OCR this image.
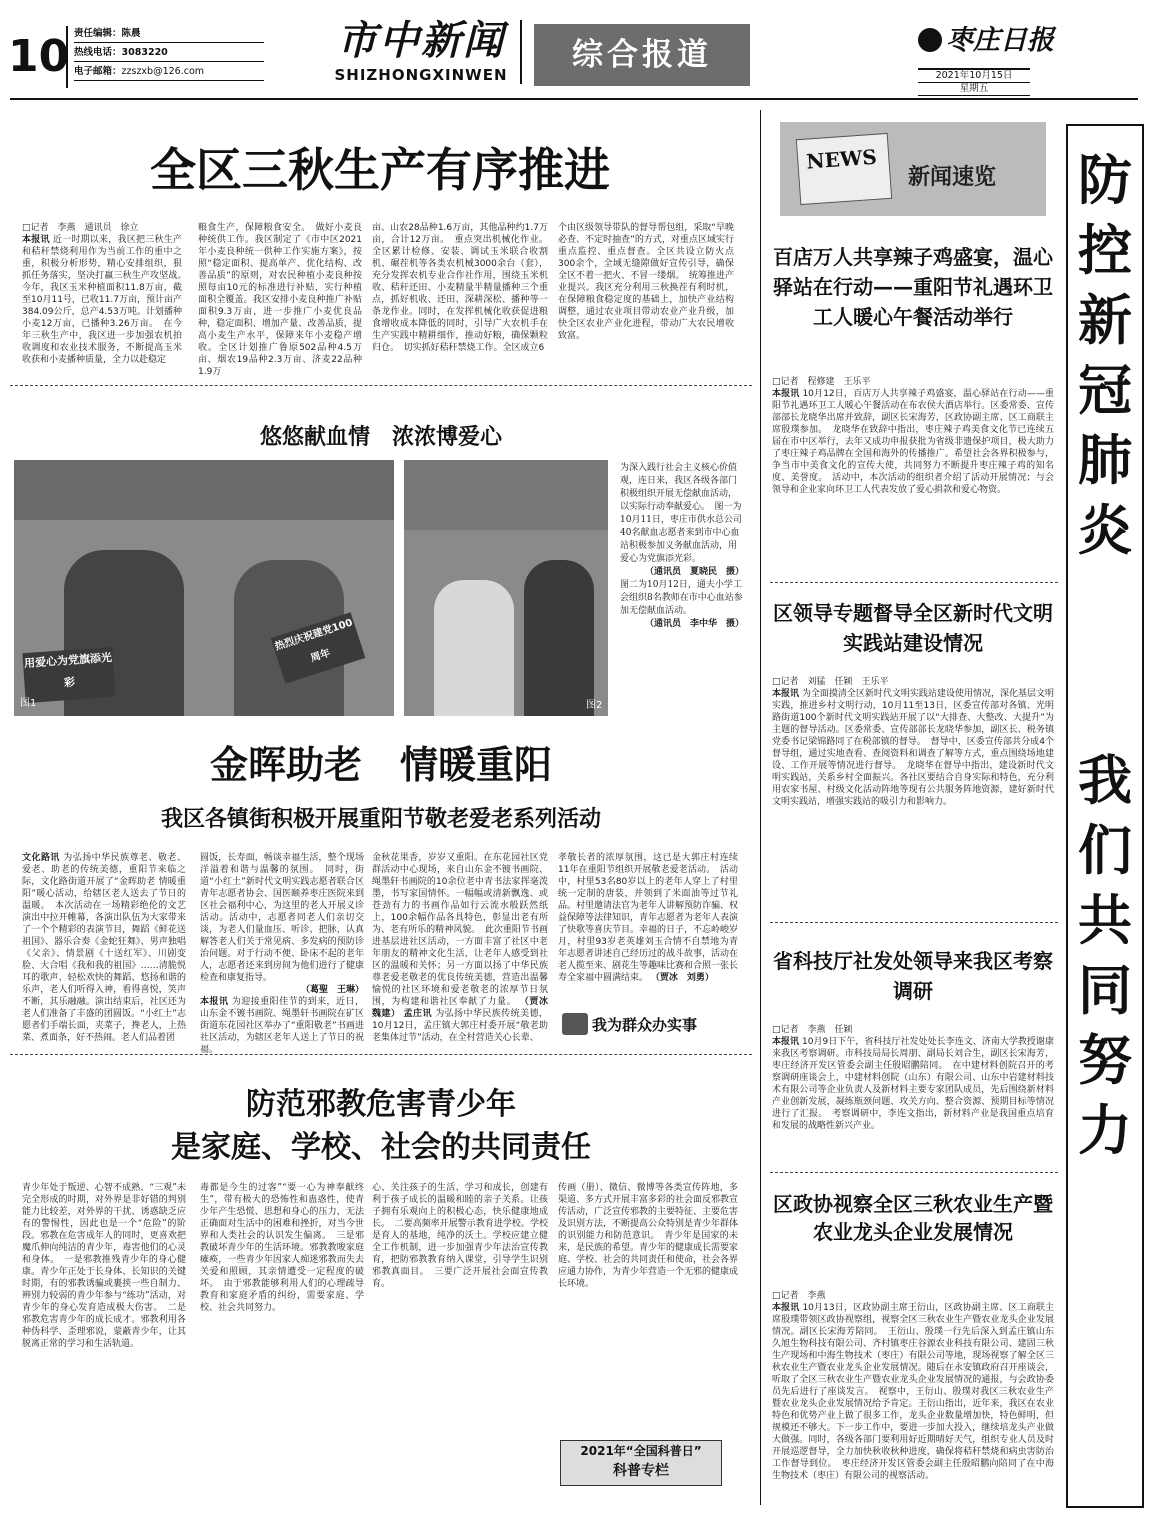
10 责任编辑：陈晨
热线电话：3083220
电子邮箱：zzszxb@126.com
市中新闻
SHIZHONGXINWEN
综合报道	枣庄日报
2021年10月15日
星期五
全区三秋生产有序推进
□记者　李燕　通讯员　徐立
本报讯 近一时期以来，我区把三秋生产和秸秆禁烧利用作为当前工作的重中之重，积极分析形势，精心安排组织，狠抓任务落实，坚决打赢三秋生产攻坚战。　今年，我区玉米种植面积11.8万亩，截至10月11号，已收11.7万亩，预计亩产384.09公斤，总产4.53万吨。计划播种小麦12万亩，已播种3.26万亩。　在今年三秋生产中，我区进一步加强农机拍收调度和农业技术服务，不断提高玉米收获和小麦播种质量，全力以赴稳定
粮食生产，保障粮食安全。　做好小麦良种统供工作。我区制定了《市中区2021年小麦良种统一供种工作实施方案》，按照“稳定面积、提高单产、优化结构、改善品质”的原则，对农民种植小麦良种按照每亩10元的标准进行补贴，实行种植面积全覆盖。我区安排小麦良种推广补贴面积9.3万亩，进一步推广小麦优良品种，稳定面积、增加产量、改善品质，提高小麦生产水平，保障来年小麦稳产增收。全区计划推广鲁原502品种4.5万亩、烟农19品种2.3万亩、济麦22品种1.9万
亩、山农28品种1.6万亩，其他品种约1.7万亩，合计12万亩。　重点突出机械化作业。全区累计检修、安装、调试玉米联合收割机、碾茬机等各类农机械3000余台（套），充分发挥农机专业合作社作用，围绕玉米机收、秸秆还田、小麦精量半精量播种三个重点，抓好机收、还田、深耕深松、播种等一条龙作业。同时，在发挥机械化收获促进粮食增收成本降低的同时，引导广大农机手在生产实践中精耕细作，推动好粮，确保颗粒归仓。　切实抓好秸秆禁烧工作。全区成立6
个由区级领导带队的督导帮包组，采取“早晚必查、不定时抽查”的方式，对重点区域实行重点监控、重点督查。全区共设立防火点300余个，全域无缝隙做好宣传引导，确保全区不着一把火、不冒一缕烟。　统筹推进产业提兴。我区充分利用三秋换茬有利时机，在保障粮食稳定度的基础上，加快产业结构调整，通过农业项目带动农业产业升级，加快全区农业产业化进程，带动广大农民增收致富。
悠悠献血情　浓浓博爱心
用爱心为党旗添光彩
热烈庆祝建党100周年
图1	图2
为深入践行社会主义核心价值观，连日来，我区各级各部门积极组织开展无偿献血活动，以实际行动奉献爱心。　图一为10月11日，枣庄市供水总公司40名献血志愿者来到市中心血站积极参加义务献血活动，用爱心为党旗添光彩。
（通讯员　夏晓民　摄）
图二为10月12日，通夫小学工会组织8名教师在市中心血站参加无偿献血活动。
（通讯员　李中华　摄）
金晖助老　情暖重阳
我区各镇街积极开展重阳节敬老爱老系列活动
文化路讯 为弘扬中华民族尊老、敬老、爱老、助老的传统美德，重阳节来临之际，文化路街道开展了“金晖助老 情暖重阳”暖心活动，给辖区老人送去了节日的温暖。　本次活动在一场精彩绝伦的文艺演出中拉开帷幕，各演出队伍为大家带来了一个个精彩的表演节目，舞蹈《鲜花送祖国》、器乐合奏《金蛇狂舞》、男声独唱《父亲》、情景剧《十送红军》、川剧变脸、大合唱《我和我的祖国》……清脆悦耳的歌声、轻松欢快的舞蹈、悠扬和谐的乐声，老人们听得入神，看得喜悦，笑声不断，其乐融融。演出结束后，社区还为老人们准备了丰盛的团圆饭。“小红土”志愿者们手端长面，夹菜子，搀老人，上热菜、煮面条，好不热闹。老人们品着团
圆饭，长寿面，畅谈幸福生活，整个现场洋溢着和谐与温馨的氛围。　同时，街道“小红土”新时代文明实践志愿者联合区青年志愿者协会、国医颐养枣庄医院来到区社会福利中心，为这里的老人开展义诊活动。活动中，志愿者同老人们亲切交谈，为老人们量血压、听诊、把脉，认真解答老人们关于常见病、多发病的预防诊治问题。对于行动不便、卧床不起的老年人，志愿者还来到房间为他们进行了健康检查和康复指导。
（葛聖　王琳）
本报讯 为迎接重阳佳节的到来，近日，山东金不镀书画院、绳墨轩书画院在矿区街道东花园社区举办了“重阳敬老”书画进社区活动，为辖区老年人送上了节日的祝福。
金秋花果香，岁岁又重阳。在东花园社区党群活动中心现场，来自山东金不镀书画院、绳墨轩书画院的10余位老中青书法家挥毫泼墨，书写家国情怀。一幅幅或清新飘逸、或苍劲有力的书画作品如行云流水般跃然纸上，100余幅作品各具特色，彰显出老有所为、老有所乐的精神风貌。　此次重阳节书画进基层进社区活动，一方面丰富了社区中老年朋友的精神文化生活，让老年人感受到社区的温暖和关怀；另一方面以扬了中华民族尊老爱老敬老的优良传统美德，营造出温馨愉悦的社区环境和爱老敬老的浓厚节日氛围，为构建和谐社区奉献了力量。 （贾冰　魏建） 孟庄讯 为弘扬中华民族传统美德，10月12日，孟庄镇大郭庄村委开展“敬老助老集体过节”活动，在全村营造关心长辈、
孝敬长者的浓厚氛围，这已是大郭庄村连续11年在重阳节组织开展敬老爱老活动。　活动中，村里53名80岁以上的老年人穿上了村里统一定制的唐装，并领到了米面油等过节礼品。村里邀请法官为老年人讲解预防诈骗、权益保障等法律知识，青年志愿者为老年人表演了快歌等喜庆节目。幸福的日子，不忘岭峻岁月，村里93岁老英雄刘玉合情不自禁地为青年志愿者讲述自己经历过的战斗故事，活动在老人揽至来、剧花生等趣味比赛和合照一张长寿全家福中圆满结束。 （贾冰　刘勇）
我为群众办实事
防范邪教危害青少年
是家庭、学校、社会的共同责任
青少年处于叛逆、心智不成熟、“三观”未完全形成的时期，对外界是非好错的判别能力比较差，对外界的干扰、诱惑缺乏应有的警惕性，因此也是一个“危险”的阶段。邪教在危害成年人的同时，更喜欢把魔爪伸向纯洁的青少年，毒害他们的心灵和身体。　一是邪教推残青少年的身心健康。青少年正处于长身体、长知识的关键时期，有的邪教诱骗或裹挟一些自制力、辨别力较弱的青少年参与“练功”活动，对青少年的身心发育造成极大伤害。　二是邪教危害青少年的成长成才。邪教利用各种伪科学、歪理邪说，蒙蔽青少年，让其脱离正常的学习和生活轨道。
毒都是今生的过客”“要一心为神奉献终生”，带有极大的恐怖性和蛊惑性，使青少年产生恐慌、思想和身心的压力，无法正确面对生活中的困难和挫折，对当今世界和人类社会的认识发生偏离。　三是邪教破坏青少年的生活环境。邪教教唆家庭瘫痪，一些青少年因家人痴迷邪教而失去关爱和照顾，其亲情遭受一定程度的破坏。　由于邪教能够利用人们的心理疏导教育和家庭矛盾的纠纷，需要家庭、学校、社会共同努力。
心、关注孩子的生活、学习和成长，创建有利于孩子成长的温暖和睦的亲子关系。让孩子拥有乐观向上的积极心态，快乐健康地成长。　二要高频率开展警示教育进学校。学校是育人的基地，纯净的沃土。学校应建立健全工作机制，进一步加强青少年法治宣传教育，把防邪教教育纳入课堂，引导学生识别邪教真面目。　三要广泛开展社会面宣传教育。
传画（册）、微信、微博等各类宣传阵地，多渠道、多方式开展丰富多彩的社会面反邪教宣传活动，广泛宣传邪教的主要特征、主要危害及识别方法，不断提高公众特别是青少年群体的识别能力和防范意识。　青少年是国家的未来，是民族的希望。青少年的健康成长需要家庭、学校、社会的共同责任和使命，社会各界应通力协作，为青少年营造一个无邪的健康成长环境。
2021年“全国科普日”
科普专栏
NEWS
新闻速览
百店万人共享辣子鸡盛宴，温心驿站在行动——重阳节礼遇环卫工人暖心午餐活动举行
□记者　程修建　王乐平
本报讯 10月12日，百店万人共享辣子鸡盛宴，温心驿站在行动——重阳节礼遇环卫工人暖心午餐活动在布农侯大酒店举行。区委常委、宣传部部长龙晓华出席并致辞，副区长宋海芳，区政协副主席、区工商联主席殷璞参加。　龙晓华在致辞中指出，枣庄辣子鸡美食文化节已连续五届在市中区举行，去年又成功申报获批为省级非遗保护项目，极大助力了枣庄辣子鸡品牌在全国和海外的传播推广。希望社会各界积极参与，争当市中美食文化的宣传大使，共同努力不断提升枣庄辣子鸡的知名度、美誉度。　活动中，本次活动的组织者介绍了活动开展情况；与会领导和企业家向环卫工人代表发放了爱心捐款和爱心物资。
区领导专题督导全区新时代文明实践站建设情况
□记者　刘猛　任颖　王乐平
本报讯 为全面摸清全区新时代文明实践站建设使用情况，深化基层文明实践，推进乡村文明行动，10月11至13日，区委宣传部对各镇、光明路街道100个新时代文明实践站开展了以“大排查、大整改、大提升”为主题的督导活动。区委常委、宣传部部长龙晓华参加，副区长、税务镇党委书记梁锦路同了在税部镇的督导。　督导中，区委宣传部共分成4个督导组，通过实地查看、查阅资料和调查了解等方式，重点围绕场地建设、工作开展等情况进行督导。　龙晓华在督导中指出，建设新时代文明实践站，关系乡村全面振兴。各社区要结合自身实际和特色，充分利用农家书屋、村级文化活动阵地等现有公共服务阵地资源，建好新时代文明实践站，增强实践站的吸引力和影响力。
省科技厅社发处领导来我区考察调研
□记者　李燕　任颖
本报讯 10月9日下午，省科技厅社发处处长李连文、济南大学教授谢康来我区考察调研。市科技局局长周朋、副局长刘合生，副区长宋海芳，枣庄经济开发区管委会副主任殷昭鹏陪同。　在中建材料创院召开的考察调研座谈会上，中建材料创院（山东）有限公司、山东中岩建材料技术有限公司等企业负责人及新材料主要专家团队成员，先后围绕新材料产业创新发展，凝练瓶颈问题、攻关方向、整合资源、预期目标等情况进行了汇报。　考察调研中，李连文指出，新材料产业是我国重点培育和发展的战略性新兴产业。
区政协视察全区三秋农业生产暨农业龙头企业发展情况
□记者　李燕
本报讯 10月13日，区政协副主席王衍山，区政协副主席、区工商联主席殷璞带领区政协视察组，视察全区三秋农业生产暨农业龙头企业发展情况。副区长宋海芳陪同。　王衍山、殷璞一行先后深入到孟庄镇山东久旭生物科技有限公司、齐村镇枣庄谷源农业科技有限公司、建固三秋生产现场和中海生物技术（枣庄）有限公司等地，现场视察了解全区三秋农业生产暨农业龙头企业发展情况。随后在永安镇政府召开座谈会，听取了全区三秋农业生产暨农业龙头企业发展情况的通报，与会政协委员先后进行了座谈发言。　视察中，王衍山、殷璞对我区三秋农业生产暨农业龙头企业发展情况给予肯定。王衍山指出，近年来，我区在农业特色和优势产业上做了很多工作，龙头企业数量增加快，特色鲜明，但规模还不够大。下一步工作中，要进一步加大投入，继续培龙头产业做大做强。同时，各级各部门要利用好近期晴好天气，组织专业人员及时开展巡逻督导，全力加快秋收秋种进度，确保将秸秆禁烧和病虫害防治工作督导到位。　枣庄经济开发区管委会副主任殷昭鹏向陪同了在中海生物技术（枣庄）有限公司的视察活动。
防
控
新
冠
肺
炎
我
们
共
同
努
力
